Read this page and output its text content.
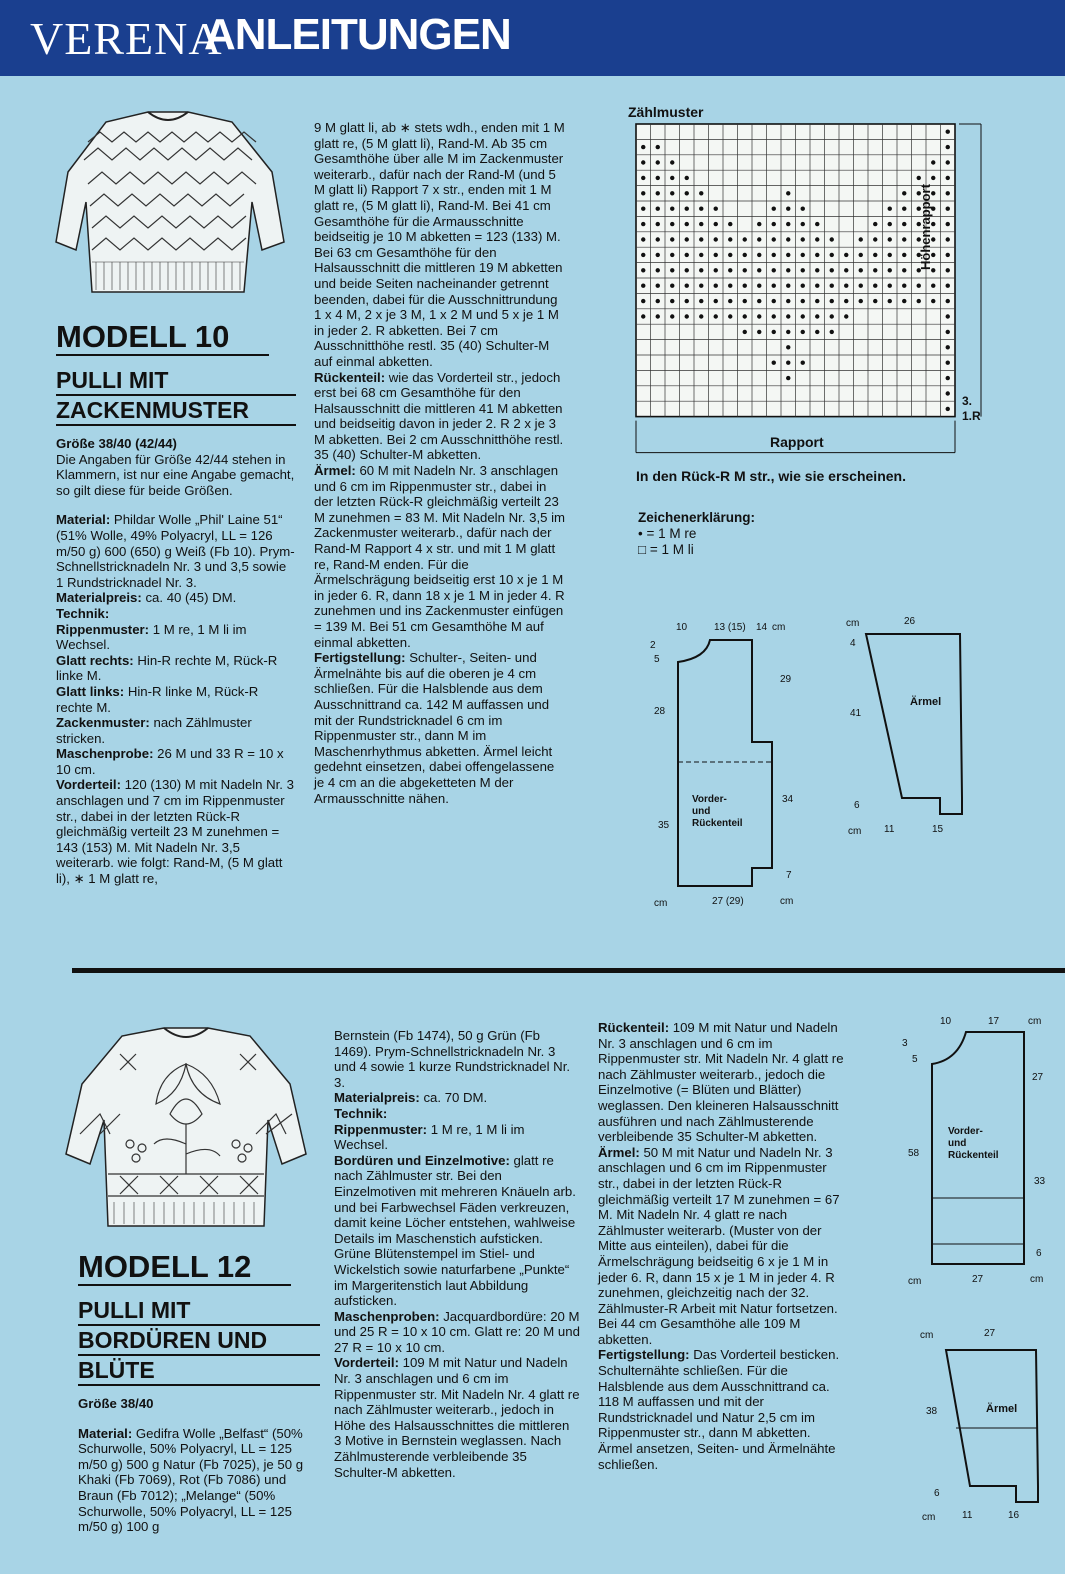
VERENA
ANLEITUNGEN
MODELL 10
PULLI MIT
ZACKENMUSTER

Größe 38/40 (42/44)

Die Angaben für Größe 42/44 stehen in Klammern, ist nur eine Angabe gemacht, so gilt diese für beide Größen.

Material: Phildar Wolle „Phil' Laine 51“ (51% Wolle, 49% Polyacryl, LL = 126 m/50 g) 600 (650) g Weiß (Fb 10). Prym-Schnellstricknadeln Nr. 3 und 3,5 sowie 1 Rundstricknadel Nr. 3.

Materialpreis: ca. 40 (45) DM.

Technik:

Rippenmuster: 1 M re, 1 M li im Wechsel.

Glatt rechts: Hin-R rechte M, Rück-R linke M.

Glatt links: Hin-R linke M, Rück-R rechte M.

Zackenmuster: nach Zählmuster stricken.

Maschenprobe: 26 M und 33 R = 10 x 10 cm.

Vorderteil: 120 (130) M mit Nadeln Nr. 3 anschlagen und 7 cm im Rippenmuster str., dabei in der letzten Rück-R gleichmäßig verteilt 23 M zunehmen = 143 (153) M. Mit Nadeln Nr. 3,5 weiterarb. wie folgt: Rand-M, (5 M glatt li), ∗ 1 M glatt re,

9 M glatt li, ab ∗ stets wdh., enden mit 1 M glatt re, (5 M glatt li), Rand-M. Ab 35 cm Gesamthöhe über alle M im Zackenmuster weiterarb., dafür nach der Rand-M (und 5 M glatt li) Rapport 7 x str., enden mit 1 M glatt re, (5 M glatt li), Rand-M. Bei 41 cm Gesamthöhe für die Armausschnitte beidseitig je 10 M abketten = 123 (133) M. Bei 63 cm Gesamthöhe für den Halsausschnitt die mittleren 19 M abketten und beide Seiten nacheinander getrennt beenden, dabei für die Ausschnittrundung 1 x 4 M, 2 x je 3 M, 1 x 2 M und 5 x je 1 M in jeder 2. R abketten. Bei 7 cm Ausschnitthöhe restl. 35 (40) Schulter-M auf einmal abketten.

Rückenteil: wie das Vorderteil str., jedoch erst bei 68 cm Gesamthöhe für den Halsausschnitt die mittleren 41 M abketten und beidseitig davon in jeder 2. R 2 x je 3 M abketten. Bei 2 cm Ausschnitthöhe restl. 35 (40) Schulter-M abketten.

Ärmel: 60 M mit Nadeln Nr. 3 anschlagen und 6 cm im Rippenmuster str., dabei in der letzten Rück-R gleichmäßig verteilt 23 M zunehmen = 83 M. Mit Nadeln Nr. 3,5 im Zackenmuster weiterarb., dafür nach der Rand-M Rapport 4 x str. und mit 1 M glatt re, Rand-M enden. Für die Ärmelschrägung beidseitig erst 10 x je 1 M in jeder 6. R, dann 18 x je 1 M in jeder 4. R zunehmen und ins Zackenmuster einfügen = 139 M. Bei 51 cm Gesamthöhe M auf einmal abketten.

Fertigstellung: Schulter-, Seiten- und Ärmelnähte bis auf die oberen je 4 cm schließen. Für die Halsblende aus dem Ausschnittrand ca. 142 M auffassen und mit der Rundstricknadel 6 cm im Rippenmuster str., dann M im Maschenrhythmus abketten. Ärmel leicht gedehnt einsetzen, dabei offengelassene je 4 cm an die abgeketteten M der Armausschnitte nähen.

Zählmuster
Höhenrapport
3.
1.R
Rapport
In den Rück-R M str., wie sie erscheinen.

Zeichenerklärung:

• = 1 M re

□ = 1 M li

10	13 (15) 14 cm
2
5
28
35
29
34
7
Vorder-
und
Rückenteil
cm	27 (29)	cm
cm	26
4
41
6
cm 11	15
Ärmel
MODELL 12
PULLI MIT
BORDÜREN UND
BLÜTE

Größe 38/40

Material: Gedifra Wolle „Belfast“ (50% Schurwolle, 50% Polyacryl, LL = 125 m/50 g) 500 g Natur (Fb 7025), je 50 g Khaki (Fb 7069), Rot (Fb 7086) und Braun (Fb 7012); „Melange“ (50% Schurwolle, 50% Polyacryl, LL = 125 m/50 g) 100 g

Bernstein (Fb 1474), 50 g Grün (Fb 1469). Prym-Schnellstricknadeln Nr. 3 und 4 sowie 1 kurze Rundstricknadel Nr. 3.

Materialpreis: ca. 70 DM.

Technik:

Rippenmuster: 1 M re, 1 M li im Wechsel.

Bordüren und Einzelmotive: glatt re nach Zählmuster str. Bei den Einzelmotiven mit mehreren Knäueln arb. und bei Farbwechsel Fäden verkreuzen, damit keine Löcher entstehen, wahlweise Details im Maschenstich aufsticken. Grüne Blütenstempel im Stiel- und Wickelstich sowie naturfarbene „Punkte“ im Margeritenstich laut Abbildung aufsticken.

Maschenproben: Jacquardbordüre: 20 M und 25 R = 10 x 10 cm. Glatt re: 20 M und 27 R = 10 x 10 cm.

Vorderteil: 109 M mit Natur und Nadeln Nr. 3 anschlagen und 6 cm im Rippenmuster str. Mit Nadeln Nr. 4 glatt re nach Zählmuster weiterarb., jedoch in Höhe des Halsausschnittes die mittleren 3 Motive in Bernstein weglassen. Nach Zählmusterende verbleibende 35 Schulter-M abketten.

Rückenteil: 109 M mit Natur und Nadeln Nr. 3 anschlagen und 6 cm im Rippenmuster str. Mit Nadeln Nr. 4 glatt re nach Zählmuster weiterarb., jedoch die Einzelmotive (= Blüten und Blätter) weglassen. Den kleineren Halsausschnitt ausführen und nach Zählmusterende verbleibende 35 Schulter-M abketten.

Ärmel: 50 M mit Natur und Nadeln Nr. 3 anschlagen und 6 cm im Rippenmuster str., dabei in der letzten Rück-R gleichmäßig verteilt 17 M zunehmen = 67 M. Mit Nadeln Nr. 4 glatt re nach Zählmuster weiterarb. (Muster von der Mitte aus einteilen), dabei für die Ärmelschrägung beidseitig 6 x je 1 M in jeder 6. R, dann 15 x je 1 M in jeder 4. R zunehmen, gleichzeitig nach der 32. Zählmuster-R Arbeit mit Natur fortsetzen. Bei 44 cm Gesamthöhe alle 109 M abketten.

Fertigstellung: Das Vorderteil besticken. Schulternähte schließen. Für die Halsblende aus dem Ausschnittrand ca. 118 M auffassen und mit der Rundstricknadel und Natur 2,5 cm im Rippenmuster str., dann M abketten. Ärmel ansetzen, Seiten- und Ärmelnähte schließen.

10	17	cm
3
5
58
27
33
6
Vorder-
und
Rückenteil
cm	27	cm
cm	27
38
6
cm	11	16
Ärmel
